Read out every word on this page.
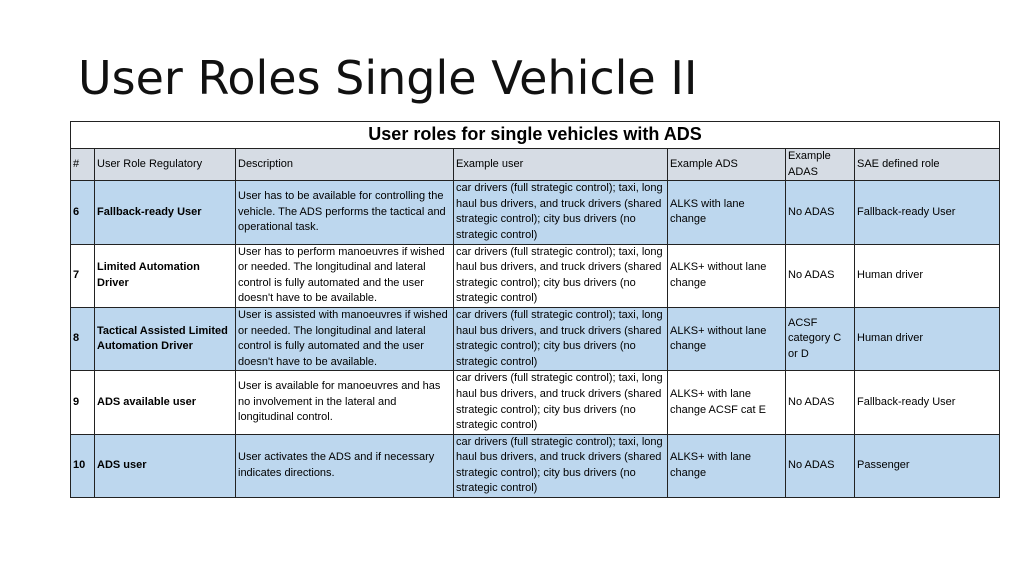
User Roles Single Vehicle II
User roles for single vehicles with ADS						
#	User Role Regulatory	Description	Example user	Example ADS	Example ADAS	SAE defined role
6	Fallback-ready User	User has to be available for controlling the vehicle. The ADS performs the tactical and operational task.	car drivers (full strategic control); taxi, long haul bus drivers, and truck drivers (shared strategic control); city bus drivers (no strategic control)	ALKS with lane change	No ADAS	Fallback-ready User
7	Limited Automation Driver	User has to perform manoeuvres if wished or needed. The longitudinal and lateral control is fully automated and the user doesn't have to be available.	car drivers (full strategic control); taxi, long haul bus drivers, and truck drivers (shared strategic control); city bus drivers (no strategic control)	ALKS+ without lane change	No ADAS	Human driver
8	Tactical Assisted Limited Automation Driver	User is assisted with manoeuvres if wished or needed. The longitudinal and lateral control is fully automated and the user doesn't have to be available.	car drivers (full strategic control); taxi, long haul bus drivers, and truck drivers (shared strategic control); city bus drivers (no strategic control)	ALKS+ without lane change	ACSF category C or D	Human driver
9	ADS available user	User is available for manoeuvres and has no involvement in the lateral and longitudinal control.	car drivers (full strategic control); taxi, long haul bus drivers, and truck drivers (shared strategic control); city bus drivers (no strategic control)	ALKS+ with lane change ACSF cat E	No ADAS	Fallback-ready User
10	ADS user	User activates the ADS and if necessary indicates directions.	car drivers (full strategic control); taxi, long haul bus drivers, and truck drivers (shared strategic control); city bus drivers (no strategic control)	ALKS+ with lane change	No ADAS	Passenger
